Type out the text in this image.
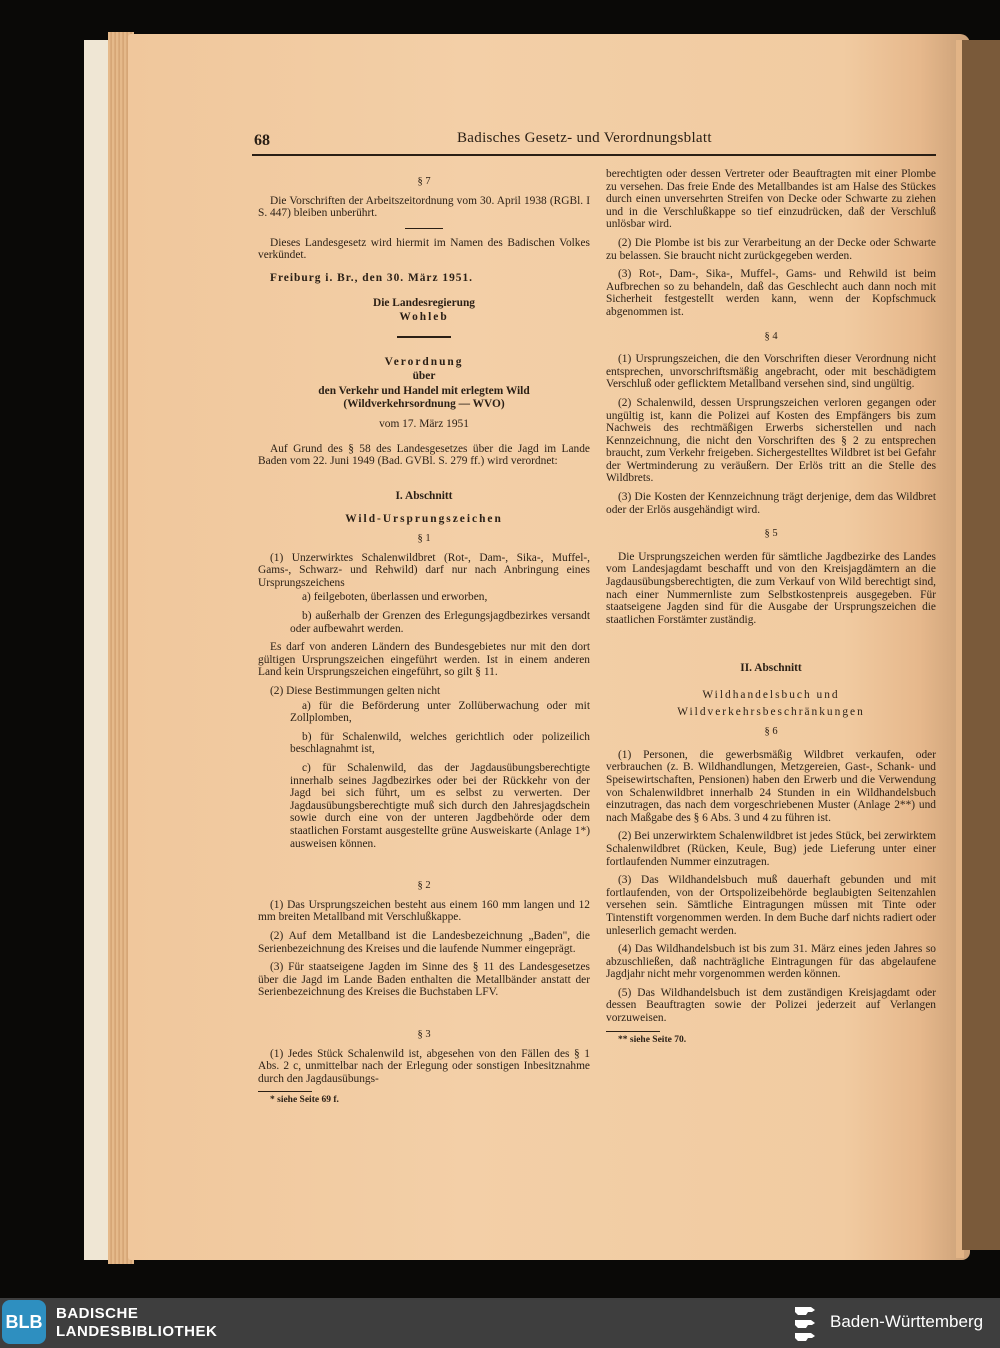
68	Badisches Gesetz- und Verordnungsblatt
§ 7

Die Vorschriften der Arbeitszeitordnung vom 30. April 1938 (RGBl. I S. 447) bleiben unberührt.

Dieses Landesgesetz wird hiermit im Namen des Badischen Volkes verkündet.

Freiburg i. Br., den 30. März 1951.

Die Landesregierung

Wohleb

Verordnung

über

den Verkehr und Handel mit erlegtem Wild

(Wildverkehrsordnung — WVO)

vom 17. März 1951

Auf Grund des § 58 des Landesgesetzes über die Jagd im Lande Baden vom 22. Juni 1949 (Bad. GVBl. S. 279 ff.) wird verordnet:

I. Abschnitt

Wild-Ursprungszeichen

§ 1

(1) Unzerwirktes Schalenwildbret (Rot-, Dam-, Sika-, Muffel-, Gams-, Schwarz- und Rehwild) darf nur nach Anbringung eines Ursprungszeichens

a) feilgeboten, überlassen und erworben,

b) außerhalb der Grenzen des Erlegungsjagdbezirkes versandt oder aufbewahrt werden.

Es darf von anderen Ländern des Bundesgebietes nur mit den dort gültigen Ursprungszeichen eingeführt werden. Ist in einem anderen Land kein Ursprungszeichen eingeführt, so gilt § 11.

(2) Diese Bestimmungen gelten nicht

a) für die Beförderung unter Zollüberwachung oder mit Zollplomben,

b) für Schalenwild, welches gerichtlich oder polizeilich beschlagnahmt ist,

c) für Schalenwild, das der Jagdausübungsberechtigte innerhalb seines Jagdbezirkes oder bei der Rückkehr von der Jagd bei sich führt, um es selbst zu verwerten. Der Jagdausübungsberechtigte muß sich durch den Jahresjagdschein sowie durch eine von der unteren Jagdbehörde oder dem staatlichen Forstamt ausgestellte grüne Ausweiskarte (Anlage 1*) ausweisen können.

§ 2

(1) Das Ursprungszeichen besteht aus einem 160 mm langen und 12 mm breiten Metallband mit Verschlußkappe.

(2) Auf dem Metallband ist die Landesbezeichnung „Baden", die Serienbezeichnung des Kreises und die laufende Nummer eingeprägt.

(3) Für staatseigene Jagden im Sinne des § 11 des Landesgesetzes über die Jagd im Lande Baden enthalten die Metallbänder anstatt der Serienbezeichnung des Kreises die Buchstaben LFV.

§ 3

(1) Jedes Stück Schalenwild ist, abgesehen von den Fällen des § 1 Abs. 2 c, unmittelbar nach der Erlegung oder sonstigen Inbesitznahme durch den Jagdausübungs-

* siehe Seite 69 f.

berechtigten oder dessen Vertreter oder Beauftragten mit einer Plombe zu versehen. Das freie Ende des Metallbandes ist am Halse des Stückes durch einen unversehrten Streifen von Decke oder Schwarte zu ziehen und in die Verschlußkappe so tief einzudrücken, daß der Verschluß unlösbar wird.

(2) Die Plombe ist bis zur Verarbeitung an der Decke oder Schwarte zu belassen. Sie braucht nicht zurückgegeben werden.

(3) Rot-, Dam-, Sika-, Muffel-, Gams- und Rehwild ist beim Aufbrechen so zu behandeln, daß das Geschlecht auch dann noch mit Sicherheit festgestellt werden kann, wenn der Kopfschmuck abgenommen ist.

§ 4

(1) Ursprungszeichen, die den Vorschriften dieser Verordnung nicht entsprechen, unvorschriftsmäßig angebracht, oder mit beschädigtem Verschluß oder geflicktem Metallband versehen sind, sind ungültig.

(2) Schalenwild, dessen Ursprungszeichen verloren gegangen oder ungültig ist, kann die Polizei auf Kosten des Empfängers bis zum Nachweis des rechtmäßigen Erwerbs sicherstellen und nach Kennzeichnung, die nicht den Vorschriften des § 2 zu entsprechen braucht, zum Verkehr freigeben. Sichergestelltes Wildbret ist bei Gefahr der Wertminderung zu veräußern. Der Erlös tritt an die Stelle des Wildbrets.

(3) Die Kosten der Kennzeichnung trägt derjenige, dem das Wildbret oder der Erlös ausgehändigt wird.

§ 5

Die Ursprungszeichen werden für sämtliche Jagdbezirke des Landes vom Landesjagdamt beschafft und von den Kreisjagdämtern an die Jagdausübungsberechtigten, die zum Verkauf von Wild berechtigt sind, nach einer Nummernliste zum Selbstkostenpreis ausgegeben. Für staatseigene Jagden sind für die Ausgabe der Ursprungszeichen die staatlichen Forstämter zuständig.

II. Abschnitt

Wildhandelsbuch und

Wildverkehrsbeschränkungen

§ 6

(1) Personen, die gewerbsmäßig Wildbret verkaufen, oder verbrauchen (z. B. Wildhandlungen, Metzgereien, Gast-, Schank- und Speisewirtschaften, Pensionen) haben den Erwerb und die Verwendung von Schalenwildbret innerhalb 24 Stunden in ein Wildhandelsbuch einzutragen, das nach dem vorgeschriebenen Muster (Anlage 2**) und nach Maßgabe des § 6 Abs. 3 und 4 zu führen ist.

(2) Bei unzerwirktem Schalenwildbret ist jedes Stück, bei zerwirktem Schalenwildbret (Rücken, Keule, Bug) jede Lieferung unter einer fortlaufenden Nummer einzutragen.

(3) Das Wildhandelsbuch muß dauerhaft gebunden und mit fortlaufenden, von der Ortspolizeibehörde beglaubigten Seitenzahlen versehen sein. Sämtliche Eintragungen müssen mit Tinte oder Tintenstift vorgenommen werden. In dem Buche darf nichts radiert oder unleserlich gemacht werden.

(4) Das Wildhandelsbuch ist bis zum 31. März eines jeden Jahres so abzuschließen, daß nachträgliche Eintragungen für das abgelaufene Jagdjahr nicht mehr vorgenommen werden können.

(5) Das Wildhandelsbuch ist dem zuständigen Kreisjagdamt oder dessen Beauftragten sowie der Polizei jederzeit auf Verlangen vorzuweisen.

** siehe Seite 70.

BLB BADISCHE
LANDESBIBLIOTHEK
Baden-Württemberg
